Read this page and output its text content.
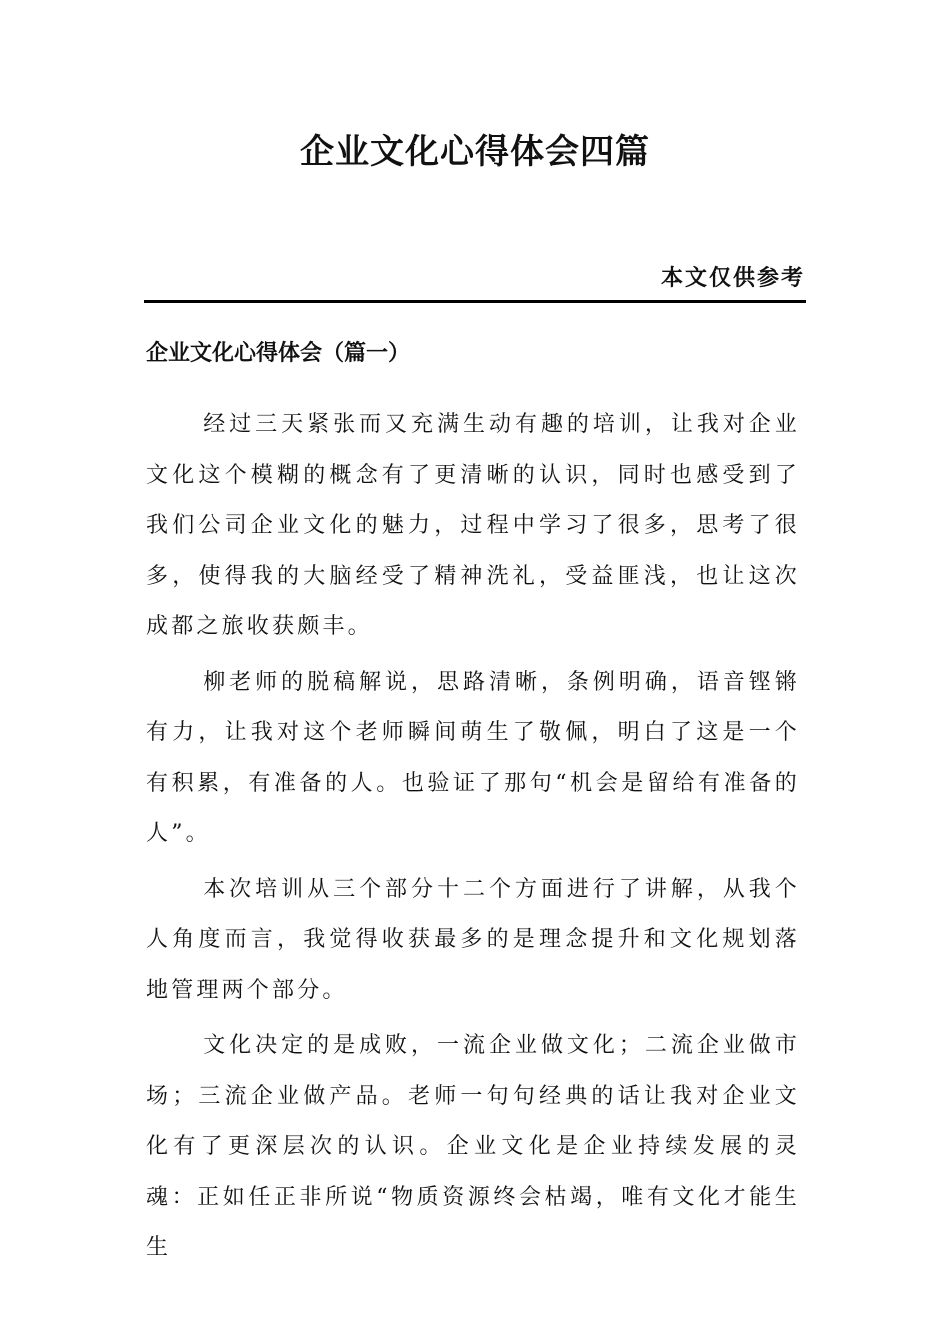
企业文化心得体会四篇
本文仅供参考
企业文化心得体会（篇一）

经过三天紧张而又充满生动有趣的培训，让我对企业文化这个模糊的概念有了更清晰的认识，同时也感受到了我们公司企业文化的魅力，过程中学习了很多，思考了很多，使得我的大脑经受了精神洗礼，受益匪浅，也让这次成都之旅收获颇丰。

柳老师的脱稿解说，思路清晰，条例明确，语音铿锵有力，让我对这个老师瞬间萌生了敬佩，明白了这是一个有积累，有准备的人。也验证了那句“机会是留给有准备的人”。

本次培训从三个部分十二个方面进行了讲解，从我个人角度而言，我觉得收获最多的是理念提升和文化规划落地管理两个部分。

文化决定的是成败，一流企业做文化；二流企业做市场；三流企业做产品。老师一句句经典的话让我对企业文化有了更深层次的认识。企业文化是企业持续发展的灵魂：正如任正非所说“物质资源终会枯竭，唯有文化才能生生
